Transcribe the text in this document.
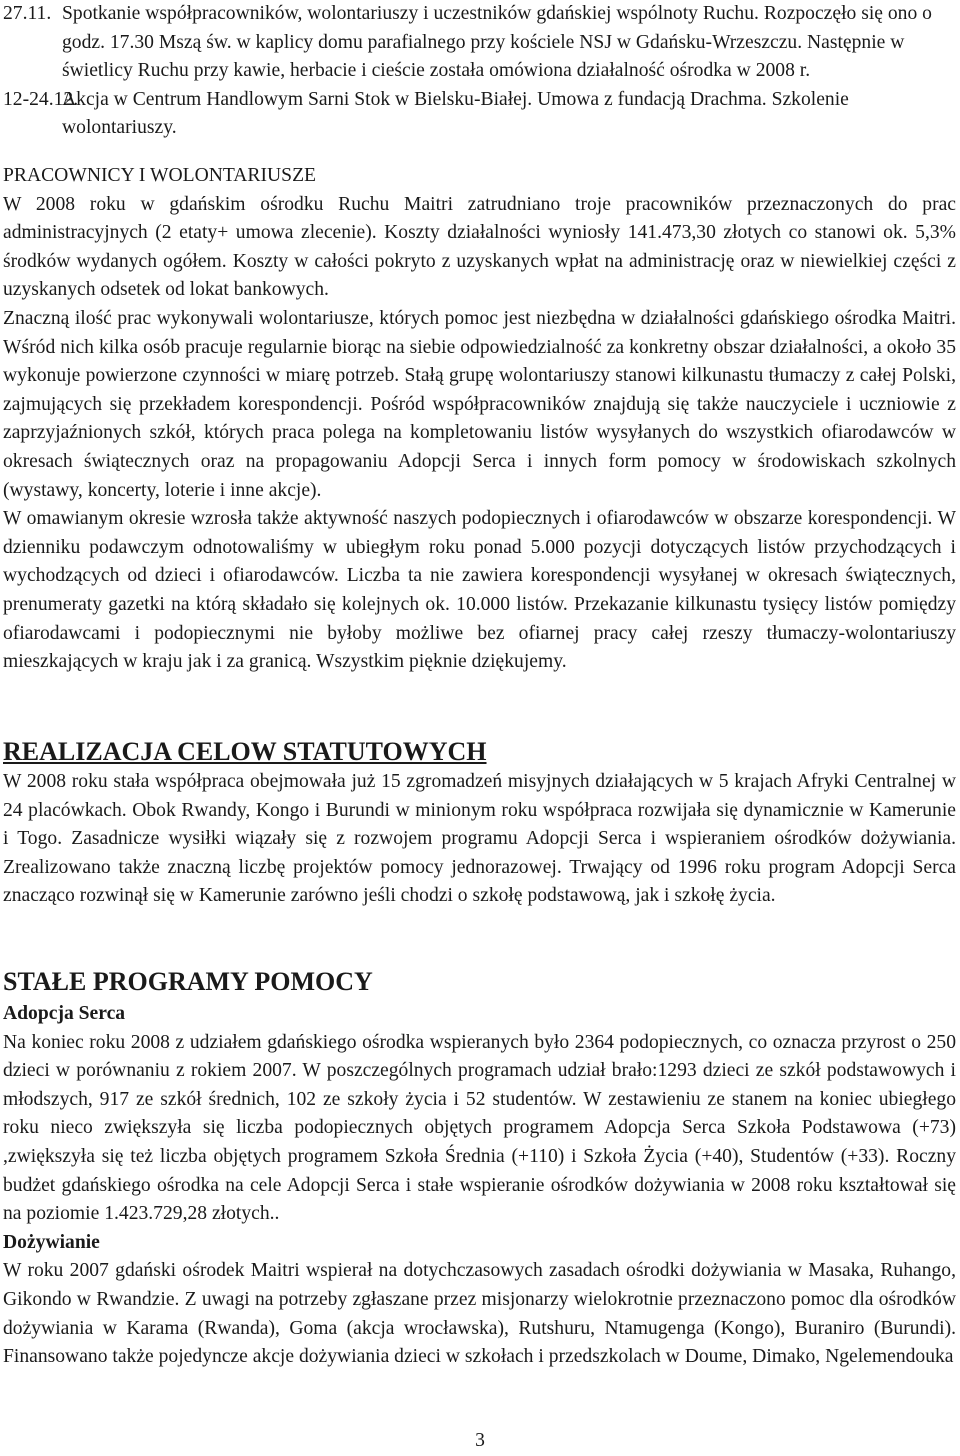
27.11. Spotkanie współpracowników, wolontariuszy i uczestników gdańskiej wspólnoty Ruchu. Rozpoczęło się ono o godz. 17.30 Mszą św. w kaplicy domu parafialnego przy kościele NSJ w Gdańsku-Wrzeszczu. Następnie w świetlicy Ruchu przy kawie, herbacie i cieście została omówiona działalność ośrodka w 2008 r.
12-24.12.
Akcja w Centrum Handlowym Sarni Stok w Bielsku-Białej. Umowa z fundacją Drachma. Szkolenie wolontariuszy.
PRACOWNICY I WOLONTARIUSZE

W 2008 roku w gdańskim ośrodku Ruchu Maitri zatrudniano troje pracowników przeznaczonych do prac administracyjnych (2 etaty+ umowa zlecenie). Koszty działalności wyniosły 141.473,30 złotych co stanowi ok. 5,3% środków wydanych ogółem. Koszty w całości pokryto z uzyskanych wpłat na administrację oraz w niewielkiej części z uzyskanych odsetek od lokat bankowych.

Znaczną ilość prac wykonywali wolontariusze, których pomoc jest niezbędna w działalności gdańskiego ośrodka Maitri. Wśród nich kilka osób pracuje regularnie biorąc na siebie odpowiedzialność za konkretny obszar działalności, a około 35 wykonuje powierzone czynności w miarę potrzeb. Stałą grupę wolontariuszy stanowi kilkunastu tłumaczy z całej Polski, zajmujących się przekładem korespondencji. Pośród współpracowników znajdują się także nauczyciele i uczniowie z zaprzyjaźnionych szkół, których praca polega na kompletowaniu listów wysyłanych do wszystkich ofiarodawców w okresach świątecznych oraz na propagowaniu Adopcji Serca i innych form pomocy w środowiskach szkolnych (wystawy, koncerty, loterie i inne akcje).

W omawianym okresie wzrosła także aktywność naszych podopiecznych i ofiarodawców w obszarze korespondencji. W dzienniku podawczym odnotowaliśmy w ubiegłym roku ponad 5.000 pozycji dotyczących listów przychodzących i wychodzących od dzieci i ofiarodawców. Liczba ta nie zawiera korespondencji wysyłanej w okresach świątecznych, prenumeraty gazetki na którą składało się kolejnych ok. 10.000 listów. Przekazanie kilkunastu tysięcy listów pomiędzy ofiarodawcami i podopiecznymi nie byłoby możliwe bez ofiarnej pracy całej rzeszy tłumaczy-wolontariuszy mieszkających w kraju jak i za granicą. Wszystkim pięknie dziękujemy.

REALIZACJA CELOW STATUTOWYCH

W 2008 roku stała współpraca obejmowała już 15 zgromadzeń misyjnych działających w 5 krajach Afryki Centralnej w 24 placówkach. Obok Rwandy, Kongo i Burundi w minionym roku współpraca rozwijała się dynamicznie w Kamerunie i Togo. Zasadnicze wysiłki wiązały się z rozwojem programu Adopcji Serca i wspieraniem ośrodków dożywiania. Zrealizowano także znaczną liczbę projektów pomocy jednorazowej. Trwający od 1996 roku program Adopcji Serca znacząco rozwinął się w Kamerunie zarówno jeśli chodzi o szkołę podstawową, jak i szkołę życia.

STAŁE PROGRAMY POMOCY
Adopcja Serca

Na koniec roku 2008 z udziałem gdańskiego ośrodka wspieranych było 2364 podopiecznych, co oznacza przyrost o 250 dzieci w porównaniu z rokiem 2007. W poszczególnych programach udział brało:1293 dzieci ze szkół podstawowych i młodszych, 917 ze szkół średnich, 102 ze szkoły życia i 52 studentów. W zestawieniu ze stanem na koniec ubiegłego roku nieco zwiększyła się liczba podopiecznych objętych programem Adopcja Serca Szkoła Podstawowa (+73) ,zwiększyła się też liczba objętych programem Szkoła Średnia (+110) i Szkoła Życia (+40), Studentów (+33). Roczny budżet gdańskiego ośrodka na cele Adopcji Serca i stałe wspieranie ośrodków dożywiania w 2008 roku kształtował się na poziomie 1.423.729,28 złotych..

Dożywianie

W roku 2007 gdański ośrodek Maitri wspierał na dotychczasowych zasadach ośrodki dożywiania w Masaka, Ruhango, Gikondo w Rwandzie. Z uwagi na potrzeby zgłaszane przez misjonarzy wielokrotnie przeznaczono pomoc dla ośrodków dożywiania w Karama (Rwanda), Goma (akcja wrocławska), Rutshuru, Ntamugenga (Kongo), Buraniro (Burundi). Finansowano także pojedyncze akcje dożywiania dzieci w szkołach i przedszkolach w Doume, Dimako, Ngelemendouka

3
